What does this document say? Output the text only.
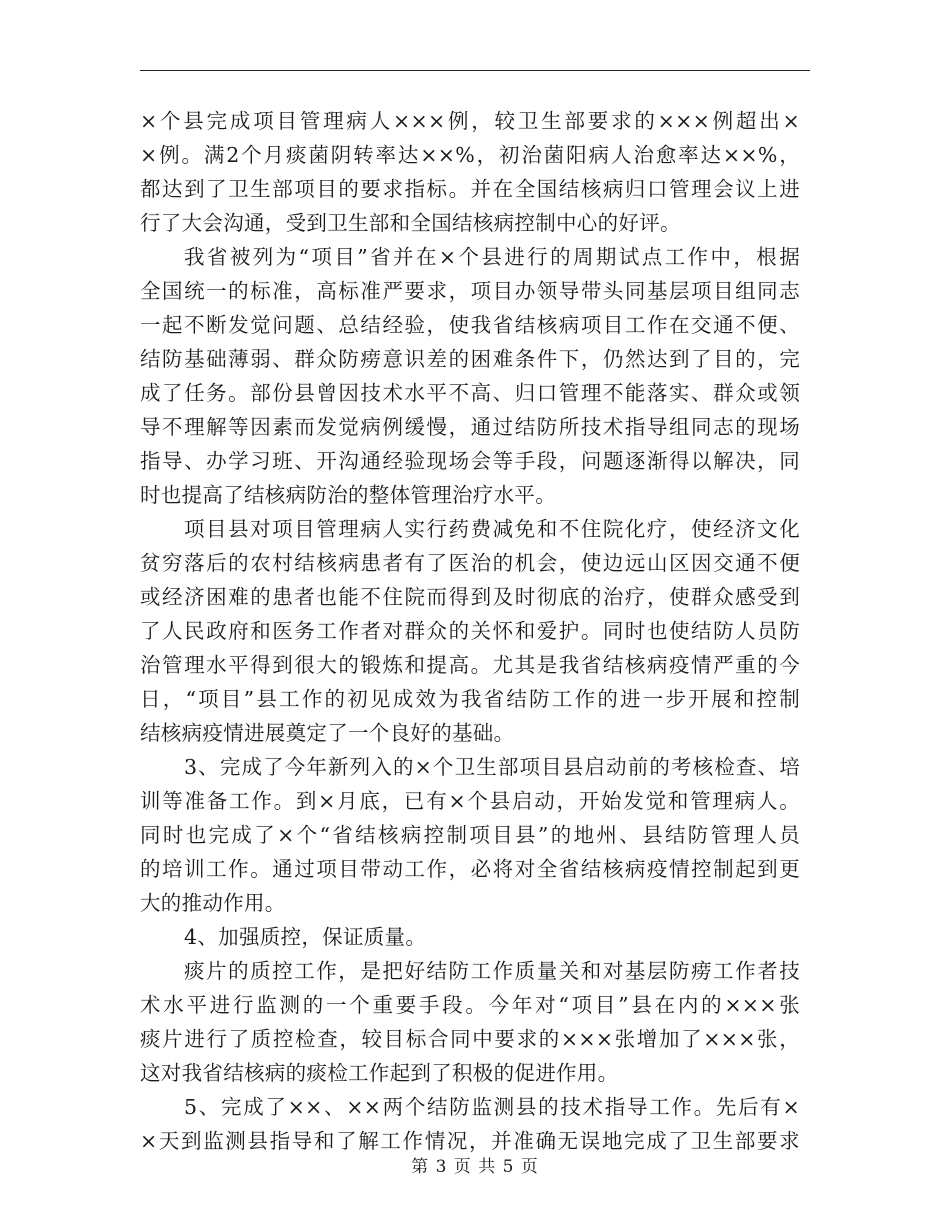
×个县完成项目管理病人×××例，较卫生部要求的×××例超出×
×例。满2个月痰菌阴转率达××%，初治菌阳病人治愈率达××%，
都达到了卫生部项目的要求指标。并在全国结核病归口管理会议上进
行了大会沟通，受到卫生部和全国结核病控制中心的好评。
我省被列为“项目”省并在×个县进行的周期试点工作中，根据
全国统一的标准，高标准严要求，项目办领导带头同基层项目组同志
一起不断发觉问题、总结经验，使我省结核病项目工作在交通不便、
结防基础薄弱、群众防痨意识差的困难条件下，仍然达到了目的，完
成了任务。部份县曾因技术水平不高、归口管理不能落实、群众或领
导不理解等因素而发觉病例缓慢，通过结防所技术指导组同志的现场
指导、办学习班、开沟通经验现场会等手段，问题逐渐得以解决，同
时也提高了结核病防治的整体管理治疗水平。
项目县对项目管理病人实行药费减免和不住院化疗，使经济文化
贫穷落后的农村结核病患者有了医治的机会，使边远山区因交通不便
或经济困难的患者也能不住院而得到及时彻底的治疗，使群众感受到
了人民政府和医务工作者对群众的关怀和爱护。同时也使结防人员防
治管理水平得到很大的锻炼和提高。尤其是我省结核病疫情严重的今
日，“项目”县工作的初见成效为我省结防工作的进一步开展和控制
结核病疫情进展奠定了一个良好的基础。
3、完成了今年新列入的×个卫生部项目县启动前的考核检查、培
训等准备工作。到×月底，已有×个县启动，开始发觉和管理病人。
同时也完成了×个“省结核病控制项目县”的地州、县结防管理人员
的培训工作。通过项目带动工作，必将对全省结核病疫情控制起到更
大的推动作用。
4、加强质控，保证质量。
痰片的质控工作，是把好结防工作质量关和对基层防痨工作者技
术水平进行监测的一个重要手段。今年对“项目”县在内的×××张
痰片进行了质控检查，较目标合同中要求的×××张增加了×××张，
这对我省结核病的痰检工作起到了积极的促进作用。
5、完成了××、××两个结防监测县的技术指导工作。先后有×
×天到监测县指导和了解工作情况，并准确无误地完成了卫生部要求
第 3 页 共 5 页
